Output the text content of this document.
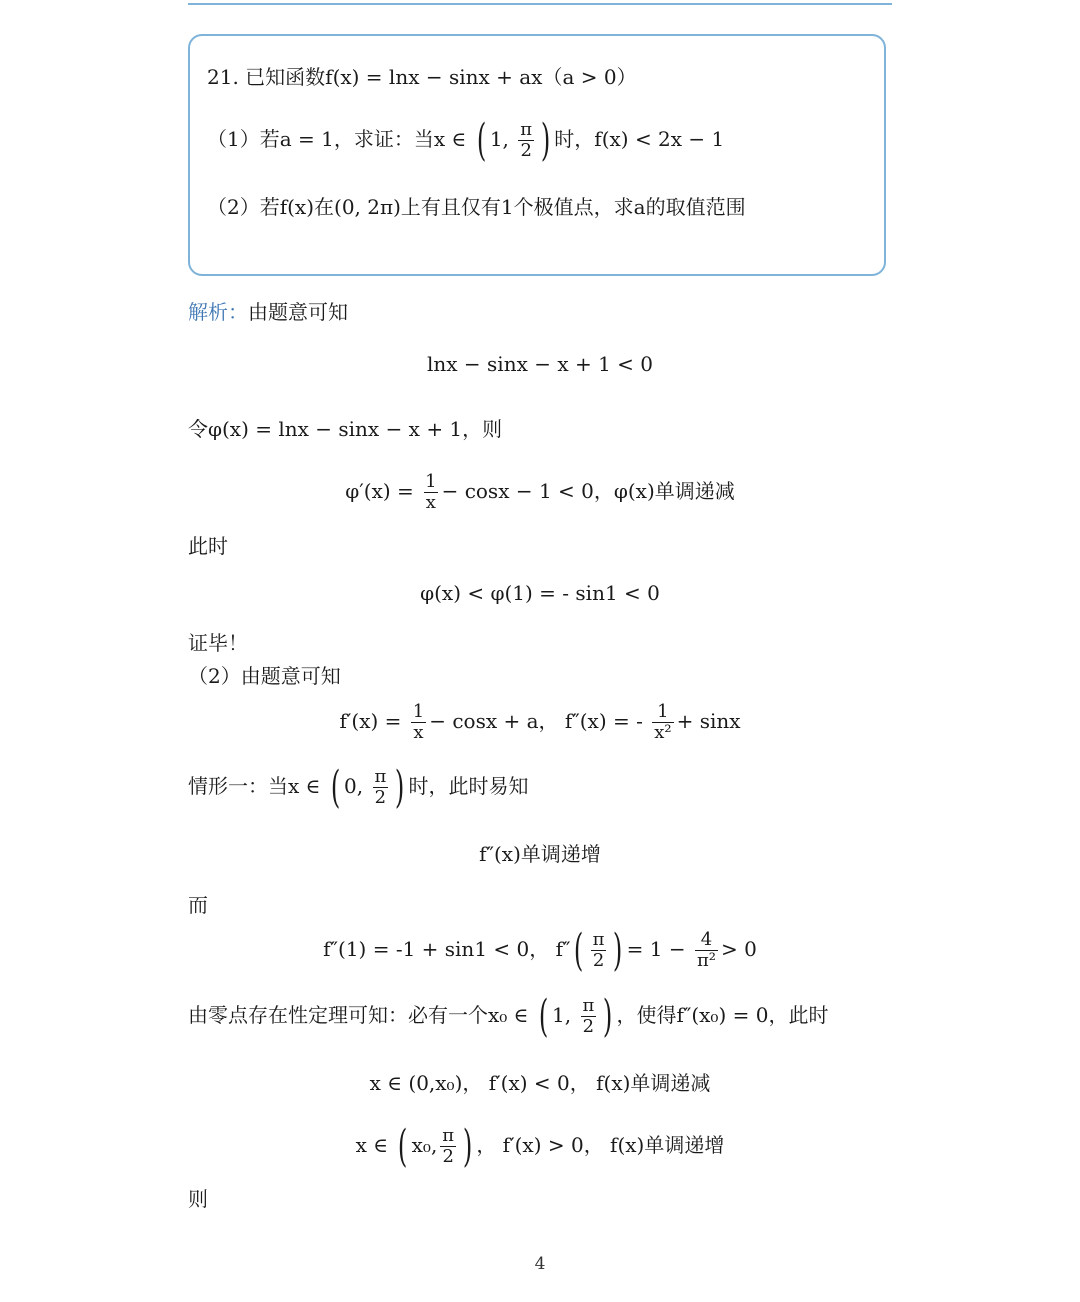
21. 已知函数f(x) = lnx − sinx + ax（a > 0）
（1）若a = 1，求证：当x ∈ ( 1, $\frac{\pi}{2}$ ) 时，f(x) < 2x − 1
（2）若f(x)在(0, 2π)上有且仅有1个极值点，求a的取值范围
解析：由题意可知
lnx − sinx − x + 1 < 0
令φ(x) = lnx − sinx − x + 1，则
$\varphi'(x) = \frac{1}{x} - \cos x - 1 < 0$，φ(x)单调递减
此时
φ(x) < φ(1) = - sin1 < 0
证毕！
（2）由题意可知
$f'(x) = \frac{1}{x} - \cos x + a$， f″(x) = - $\frac{1}{\text{x²}} + \sin x$
情形一：当x ∈ ( 0, $\frac{\pi}{2}$ ) 时，此时易知
f″(x)单调递增
而
f″(1) = -1 + sin1 < 0， $f''( \frac{\pi}{2}$ ) = $1 - \frac{4}{\text{π²}} > 0$
由零点存在性定理可知：必有一个x₀ ∈ ( 1, $\frac{\pi}{2}$ ) ，使得f″(x₀) = 0，此时
x ∈ (0,x₀)， f′(x) < 0， f(x)单调递减
x ∈ ( x₀, $\frac{\pi}{2}$ ) ， f′(x) > 0， f(x)单调递增
则
4
